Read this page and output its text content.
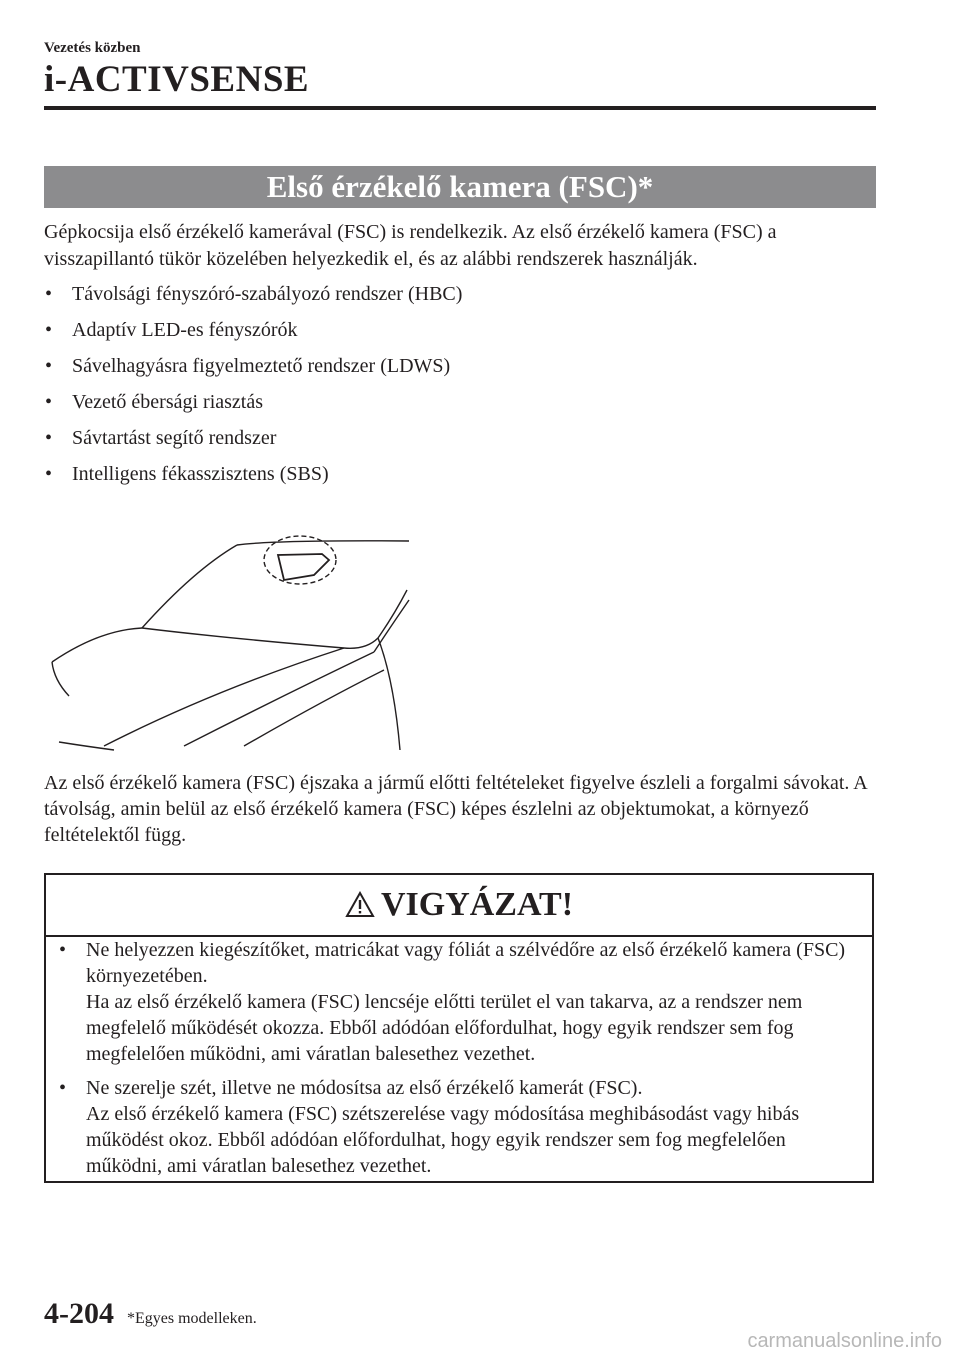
Vezetés közben
i-ACTIVSENSE
Első érzékelő kamera (FSC)*
Gépkocsija első érzékelő kamerával (FSC) is rendelkezik. Az első érzékelő kamera (FSC) a visszapillantó tükör közelében helyezkedik el, és az alábbi rendszerek használják.
• Távolsági fényszóró-szabályozó rendszer (HBC)
• Adaptív LED-es fényszórók
• Sávelhagyásra figyelmeztető rendszer (LDWS)
• Vezető ébersági riasztás
• Sávtartást segítő rendszer
• Intelligens fékasszisztens (SBS)
Az első érzékelő kamera (FSC) éjszaka a jármű előtti feltételeket figyelve észleli a forgalmi sávokat. A távolság, amin belül az első érzékelő kamera (FSC) képes észlelni az objektumokat, a környező feltételektől függ.
VIGYÁZAT!
• Ne helyezzen kiegészítőket, matricákat vagy fóliát a szélvédőre az első érzékelő kamera (FSC) környezetében.
Ha az első érzékelő kamera (FSC) lencséje előtti terület el van takarva, az a rendszer nem megfelelő működését okozza. Ebből adódóan előfordulhat, hogy egyik rendszer sem fog megfelelően működni, ami váratlan balesethez vezethet.
• Ne szerelje szét, illetve ne módosítsa az első érzékelő kamerát (FSC).
Az első érzékelő kamera (FSC) szétszerelése vagy módosítása meghibásodást vagy hibás működést okoz. Ebből adódóan előfordulhat, hogy egyik rendszer sem fog megfelelően működni, ami váratlan balesethez vezethet.
4-204 *Egyes modelleken.
carmanualsonline.info
